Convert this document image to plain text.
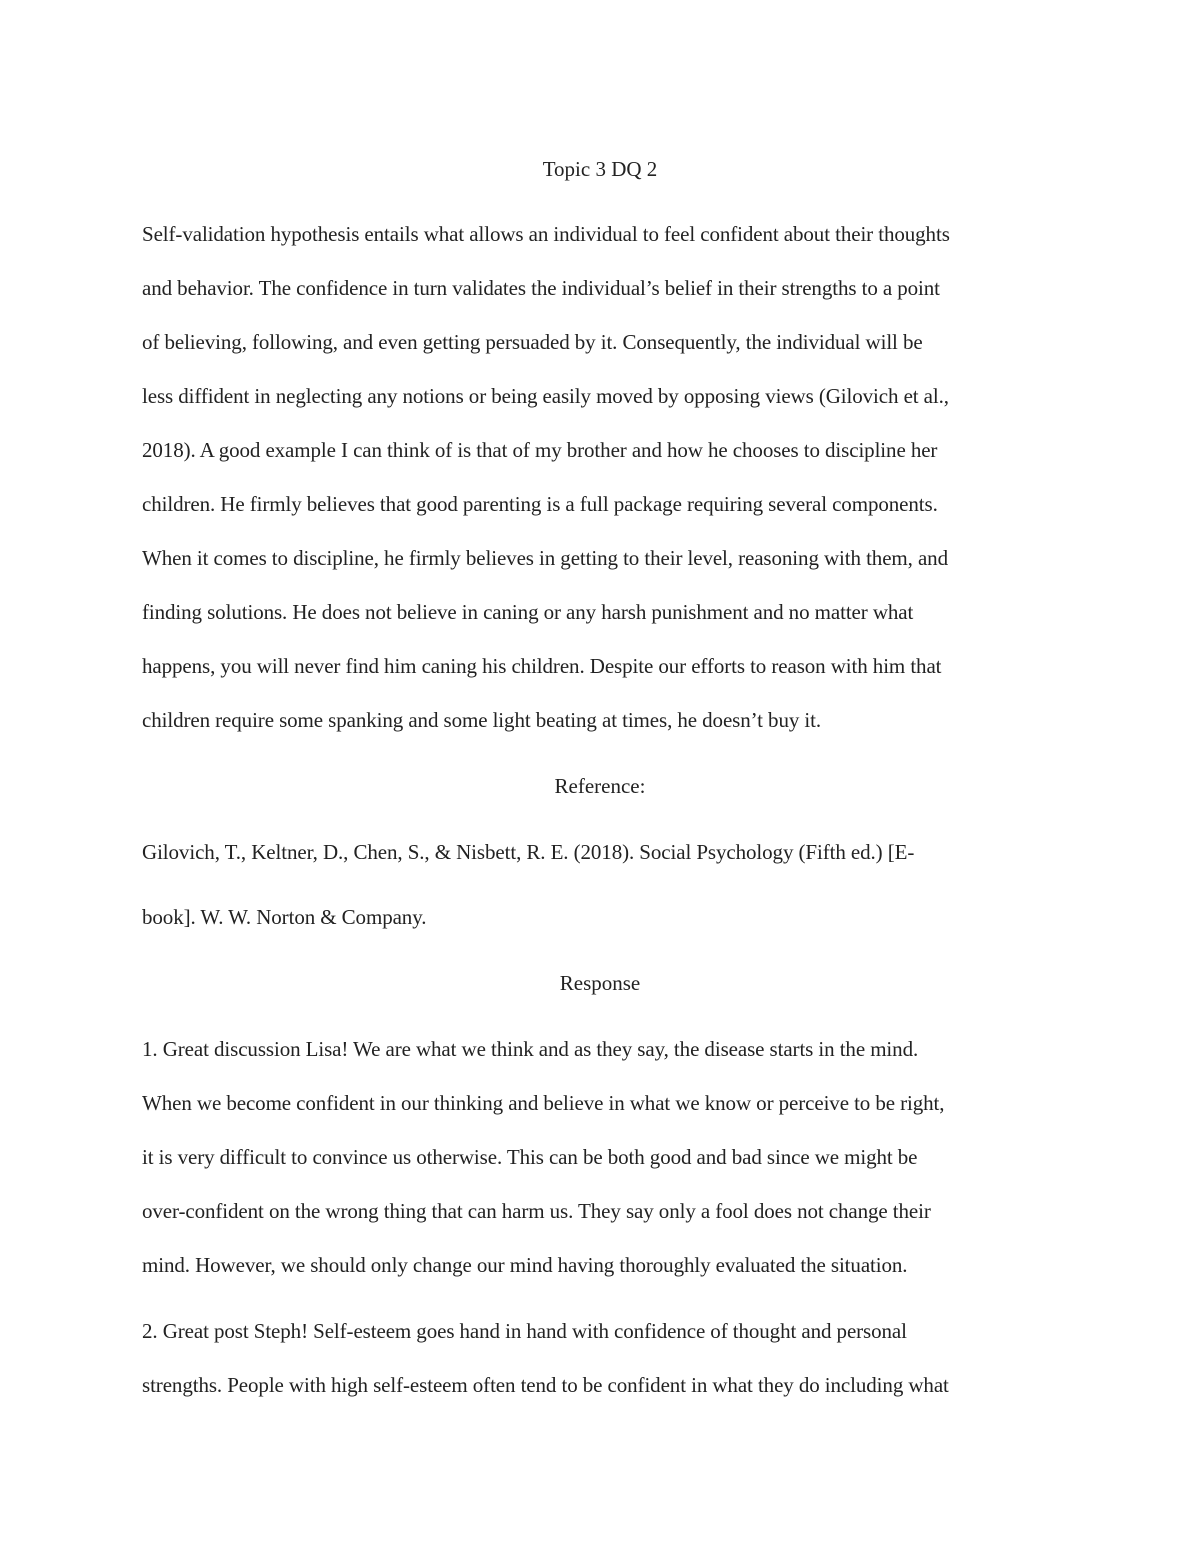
Topic 3 DQ 2
Self-validation hypothesis entails what allows an individual to feel confident about their thoughts
and behavior. The confidence in turn validates the individual’s belief in their strengths to a point
of believing, following, and even getting persuaded by it. Consequently, the individual will be
less diffident in neglecting any notions or being easily moved by opposing views (Gilovich et al.,
2018). A good example I can think of is that of my brother and how he chooses to discipline her
children. He firmly believes that good parenting is a full package requiring several components.
When it comes to discipline, he firmly believes in getting to their level, reasoning with them, and
finding solutions. He does not believe in caning or any harsh punishment and no matter what
happens, you will never find him caning his children. Despite our efforts to reason with him that
children require some spanking and some light beating at times, he doesn’t buy it.
Reference:
Gilovich, T., Keltner, D., Chen, S., & Nisbett, R. E. (2018). Social Psychology (Fifth ed.) [E-
book]. W. W. Norton & Company.
Response
1. Great discussion Lisa! We are what we think and as they say, the disease starts in the mind.
When we become confident in our thinking and believe in what we know or perceive to be right,
it is very difficult to convince us otherwise. This can be both good and bad since we might be
over-confident on the wrong thing that can harm us. They say only a fool does not change their
mind. However, we should only change our mind having thoroughly evaluated the situation.
2. Great post Steph! Self-esteem goes hand in hand with confidence of thought and personal
strengths. People with high self-esteem often tend to be confident in what they do including what
